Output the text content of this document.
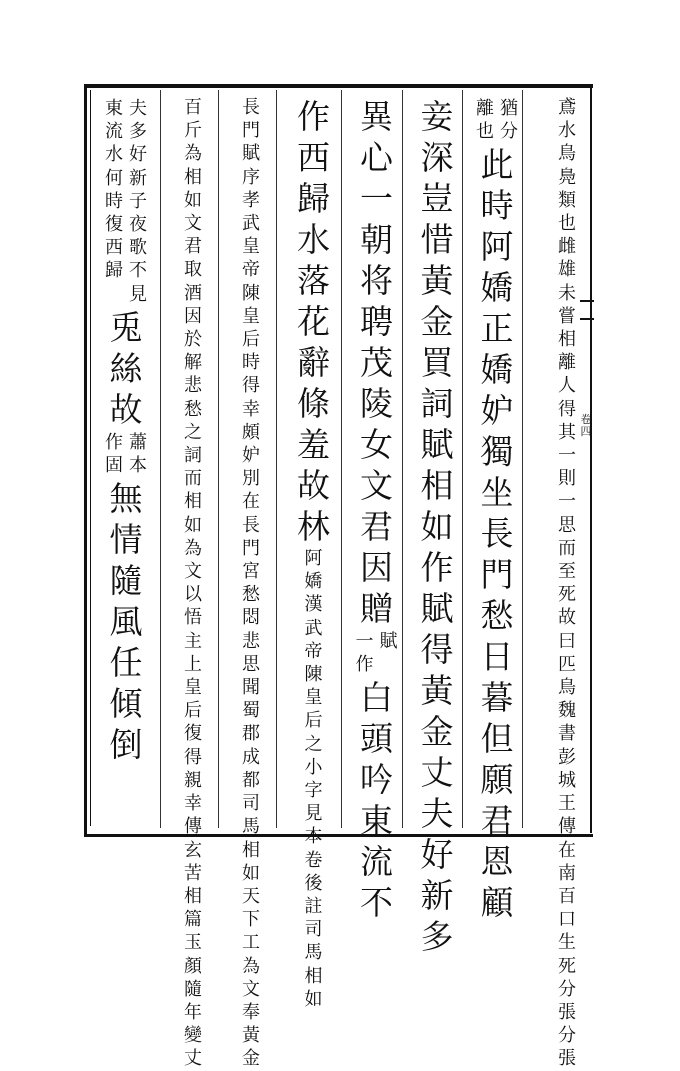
卷四
鳶
水
鳥
鳧
類
也
雌
雄
未
嘗
相
離
人
得
其
一
則
一
思
而
至
死
故
曰
匹
鳥
魏
書
彭
城
王
傳
在
南
百
口
生
死
分
張
分
張
離
也
猶
分
此
時
阿
嬌
正
嬌
妒
獨
坐
長
門
愁
日
暮
但
願
君
恩
顧
妾
深
豈
惜
黃
金
買
詞
賦
相
如
作
賦
得
黃
金
丈
夫
好
新
多
異
心
一
朝
将
聘
茂
陵
女
文
君
因
贈
一
作
賦
白
頭
吟
東
流
不
作
西
歸
水
落
花
辭
條
羞
故
林
阿
嬌
漢
武
帝
陳
皇
后
之
小
字
見
本
卷
後
註
司
馬
相
如
長
門
賦
序
孝
武
皇
帝
陳
皇
后
時
得
幸
頗
妒
別
在
長
門
宮
愁
悶
悲
思
聞
蜀
郡
成
都
司
馬
相
如
天
下
工
為
文
奉
黃
金
百
斤
為
相
如
文
君
取
酒
因
於
解
悲
愁
之
詞
而
相
如
為
文
以
悟
主
上
皇
后
復
得
親
幸
傳
玄
苦
相
篇
玉
顏
隨
年
變
丈
東
流
水
何
時
復
西
歸
夫
多
好
新
子
夜
歌
不
見
兎
絲
故
作
固
蕭
本
無
情
隨
風
任
傾
倒
